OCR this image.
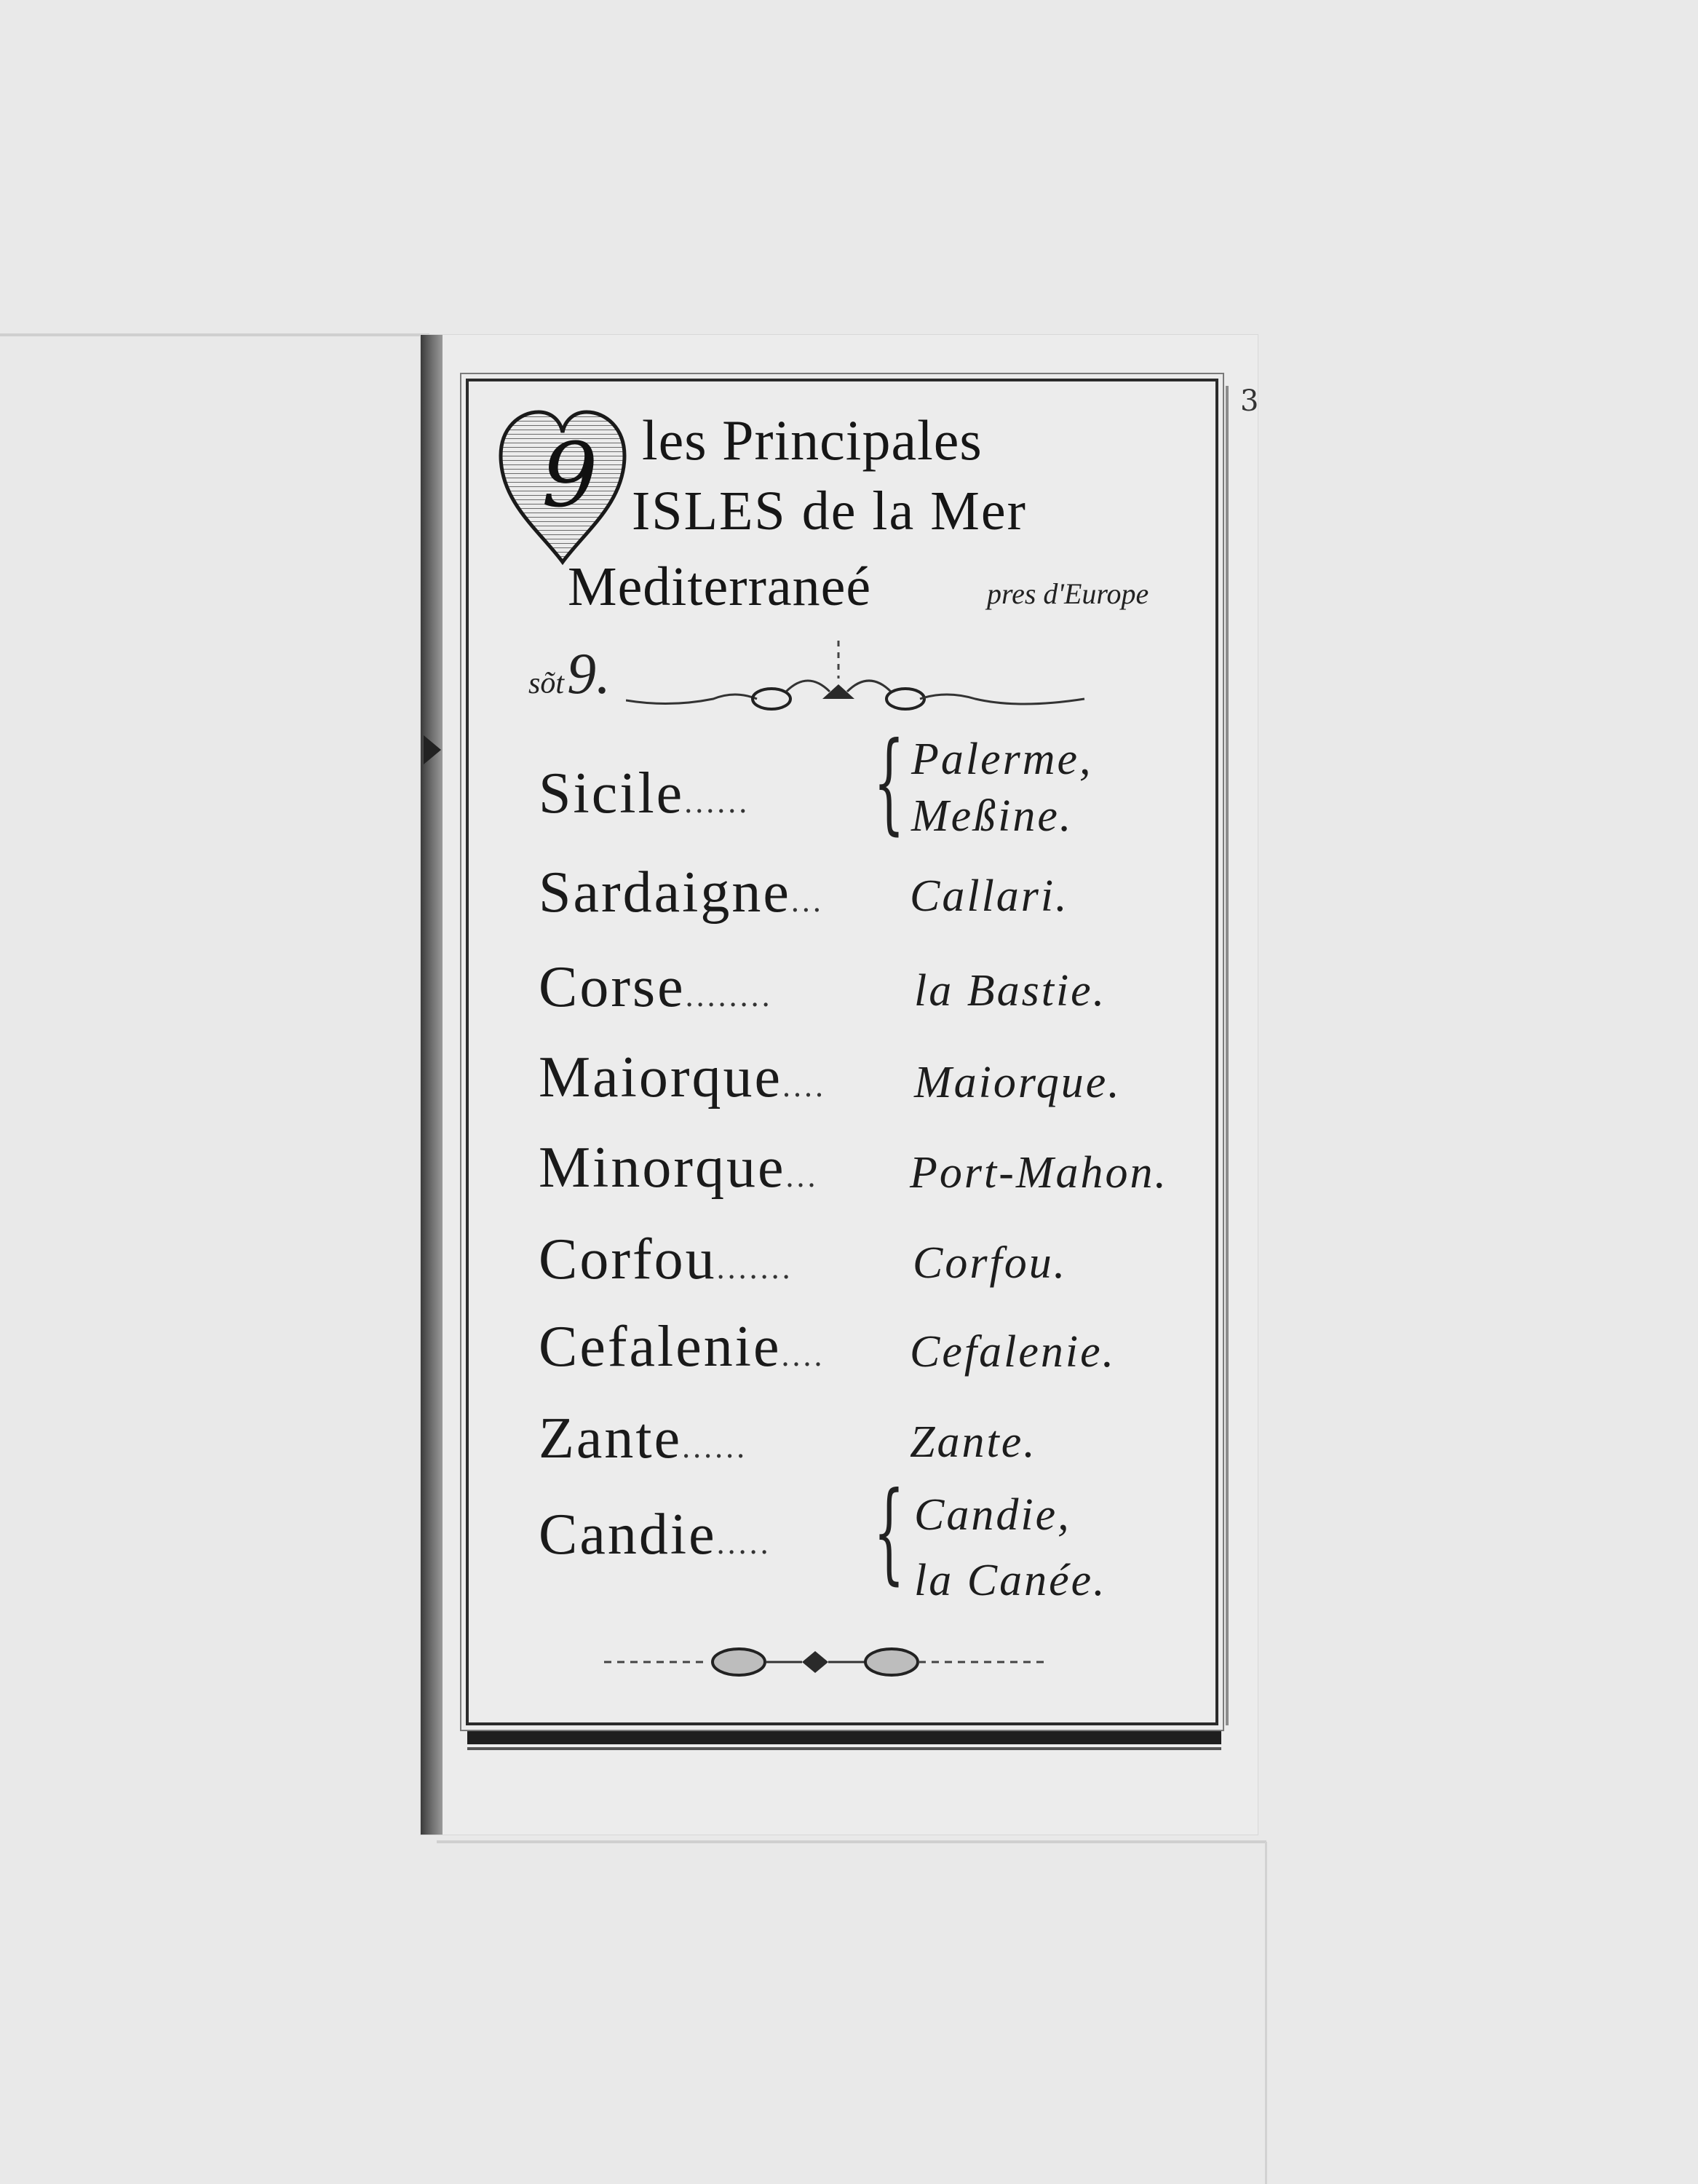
3
9 les Principales
ISLES de la Mer
Mediterraneé	pres d'Europe
sõt9.
Sicile...... { Palerme,
Meßine.
Sardaigne... Callari.
Corse........	la Bastie.
Maiorque.... Maiorque.
Minorque... Port-Mahon.
Corfou.......	Corfou.
Cefalenie.... Cefalenie.
Zante......	Zante.
Candie..... { Candie,
la Canée.
